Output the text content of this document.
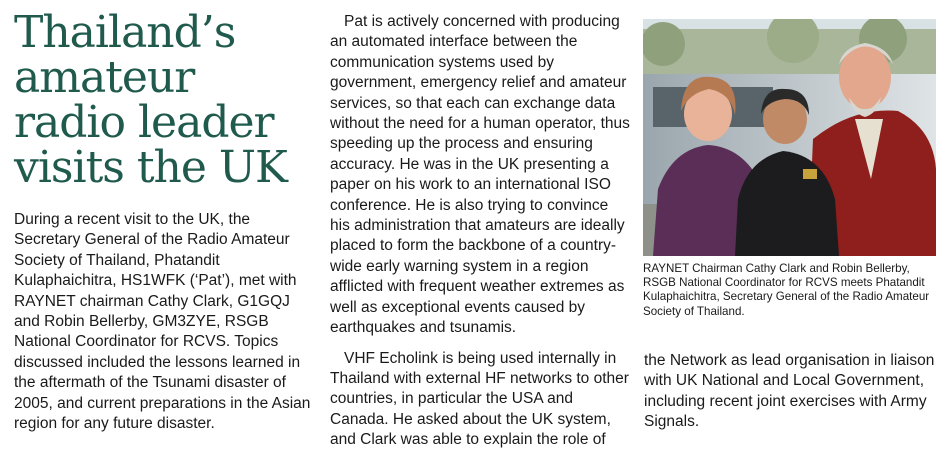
Thailand’s amateur radio leader visits the UK

During a recent visit to the UK, the Secretary General of the Radio Amateur Society of Thailand, Phatandit Kulaphaichitra, HS1WFK (‘Pat’), met with RAYNET chairman Cathy Clark, G1GQJ and Robin Bellerby, GM3ZYE, RSGB National Coordinator for RCVS. Topics discussed included the lessons learned in the aftermath of the Tsunami disaster of 2005, and current preparations in the Asian region for any future disaster.

Pat is actively concerned with producing an automated interface between the communication systems used by government, emergency relief and amateur services, so that each can exchange data without the need for a human operator, thus speeding up the process and ensuring accuracy. He was in the UK presenting a paper on his work to an international ISO conference. He is also trying to convince his administration that amateurs are ideally placed to form the backbone of a country-wide early warning system in a region afflicted with frequent weather extremes as well as exceptional events caused by earthquakes and tsunamis.

VHF Echolink is being used internally in Thailand with external HF networks to other countries, in particular the USA and Canada. He asked about the UK system, and Clark was able to explain the role of

RAYNET Chairman Cathy Clark and Robin Bellerby, RSGB National Coordinator for RCVS meets Phatandit Kulaphaichitra, Secretary General of the Radio Amateur Society of Thailand.

the Network as lead organisation in liaison with UK National and Local Government, including recent joint exercises with Army Signals.
